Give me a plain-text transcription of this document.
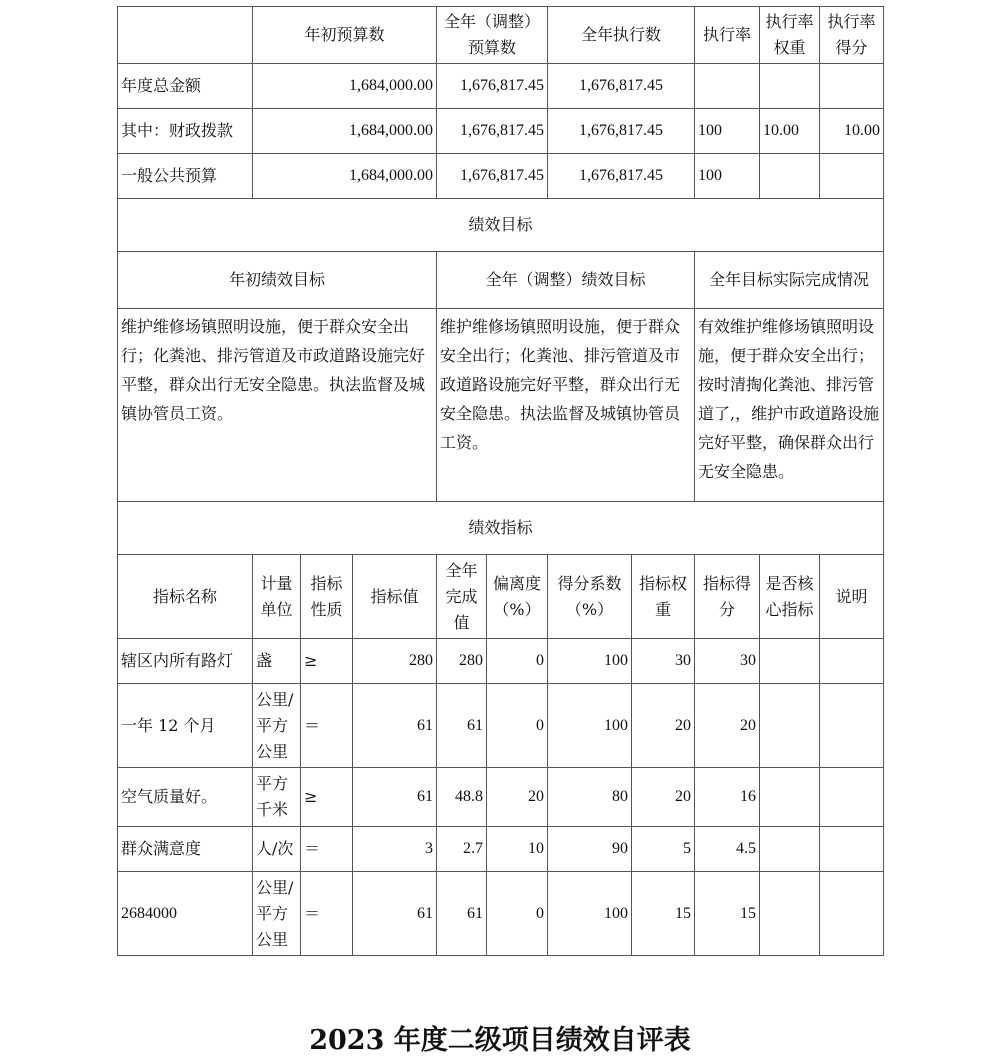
	年初预算数			全年（调整）预算数		全年执行数		执行率	执行率权重	执行率得分
年度总金额	1,684,000.00			1,676,817.45		1,676,817.45				
其中：财政拨款	1,684,000.00			1,676,817.45		1,676,817.45		100	10.00	10.00
一般公共预算	1,684,000.00			1,676,817.45		1,676,817.45		100		
绩效目标										
年初绩效目标				全年（调整）绩效目标				全年目标实际完成情况		
维护维修场镇照明设施，便于群众安全出行；化粪池、排污管道及市政道路设施完好平整，群众出行无安全隐患。执法监督及城镇协管员工资。				维护维修场镇照明设施，便于群众安全出行；化粪池、排污管道及市政道路设施完好平整，群众出行无安全隐患。执法监督及城镇协管员工资。				有效维护维修场镇照明设施，便于群众安全出行；按时清掏化粪池、排污管道了,，维护市政道路设施完好平整，确保群众出行无安全隐患。		
绩效指标										
指标名称	计量单位	指标性质	指标值	全年完成值	偏离度（%）	得分系数（%）	指标权重	指标得分	是否核心指标	说明
辖区内所有路灯	盏	≥	280	280	0	100	30	30		
一年 12 个月	公里/平方公里	＝	61	61	0	100	20	20		
空气质量好。	平方千米	≥	61	48.8	20	80	20	16		
群众满意度	人/次	＝	3	2.7	10	90	5	4.5		
2684000	公里/平方公里	＝	61	61	0	100	15	15		
2023 年度二级项目绩效自评表
